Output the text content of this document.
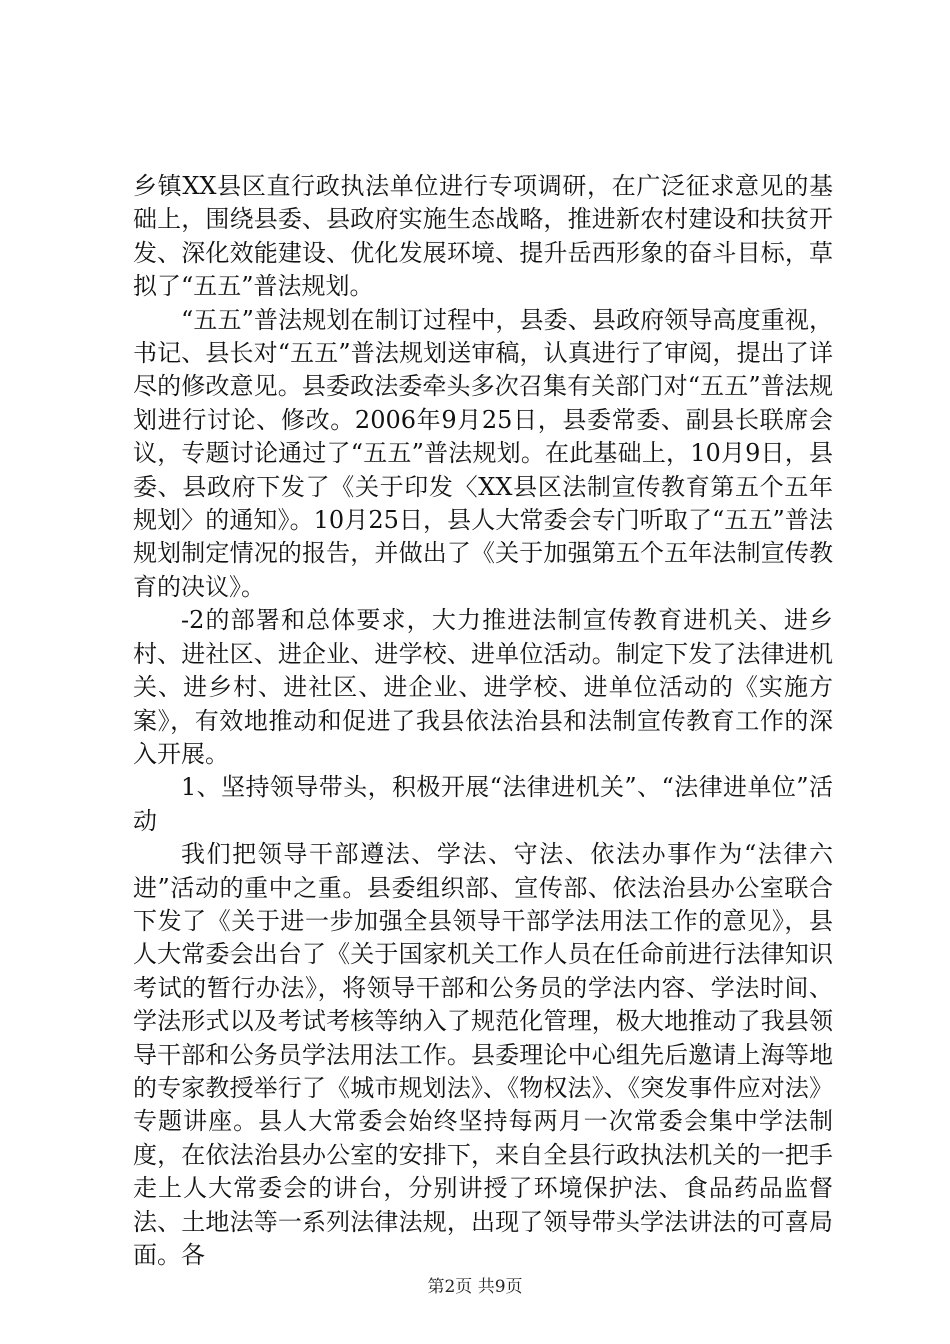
乡镇XX县区直行政执法单位进行专项调研，在广泛征求意见的基础上，围绕县委、县政府实施生态战略，推进新农村建设和扶贫开发、深化效能建设、优化发展环境、提升岳西形象的奋斗目标，草拟了“五五”普法规划。

“五五”普法规划在制订过程中，县委、县政府领导高度重视，书记、县长对“五五”普法规划送审稿，认真进行了审阅，提出了详尽的修改意见。县委政法委牵头多次召集有关部门对“五五”普法规划进行讨论、修改。2006年9月25日，县委常委、副县长联席会议，专题讨论通过了“五五”普法规划。在此基础上，10月9日，县委、县政府下发了《关于印发〈XX县区法制宣传教育第五个五年规划〉的通知》。10月25日，县人大常委会专门听取了“五五”普法规划制定情况的报告，并做出了《关于加强第五个五年法制宣传教育的决议》。

-2的部署和总体要求，大力推进法制宣传教育进机关、进乡村、进社区、进企业、进学校、进单位活动。制定下发了法律进机关、进乡村、进社区、进企业、进学校、进单位活动的《实施方案》，有效地推动和促进了我县依法治县和法制宣传教育工作的深入开展。

1、坚持领导带头，积极开展“法律进机关”、“法律进单位”活动

我们把领导干部遵法、学法、守法、依法办事作为“法律六进”活动的重中之重。县委组织部、宣传部、依法治县办公室联合下发了《关于进一步加强全县领导干部学法用法工作的意见》，县人大常委会出台了《关于国家机关工作人员在任命前进行法律知识考试的暂行办法》，将领导干部和公务员的学法内容、学法时间、学法形式以及考试考核等纳入了规范化管理，极大地推动了我县领导干部和公务员学法用法工作。县委理论中心组先后邀请上海等地的专家教授举行了《城市规划法》、《物权法》、《突发事件应对法》专题讲座。县人大常委会始终坚持每两月一次常委会集中学法制度，在依法治县办公室的安排下，来自全县行政执法机关的一把手走上人大常委会的讲台，分别讲授了环境保护法、食品药品监督法、土地法等一系列法律法规，出现了领导带头学法讲法的可喜局面。各

第2页 共9页
